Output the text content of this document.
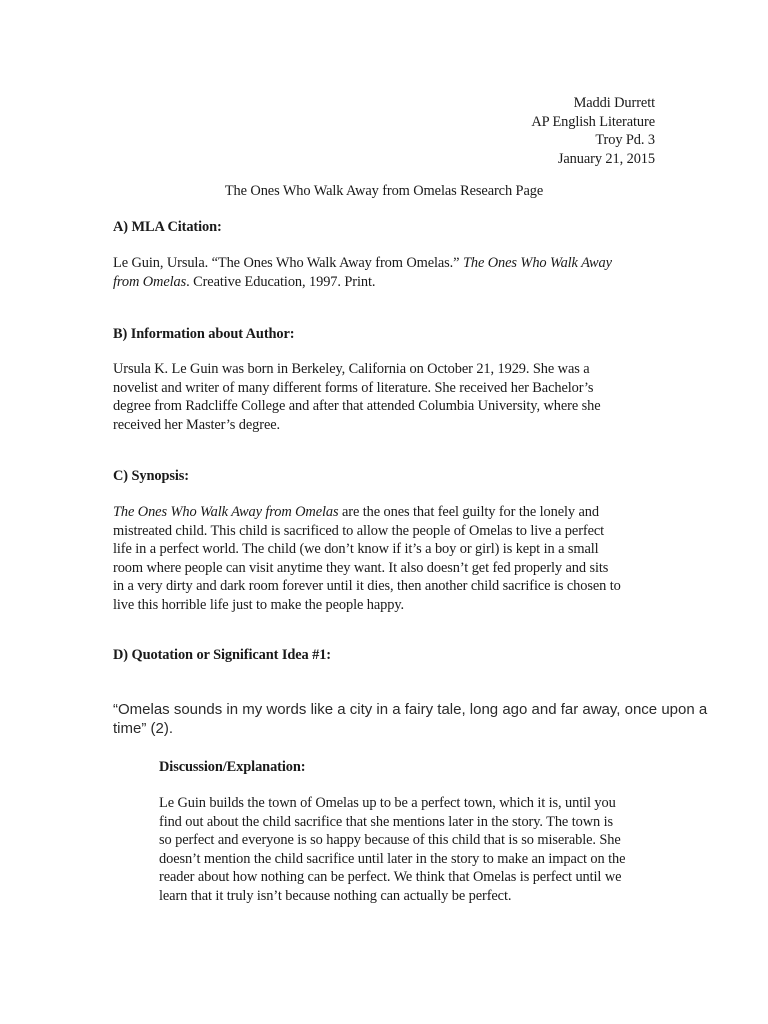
Maddi Durrett
AP English Literature
Troy Pd. 3
January 21, 2015
The Ones Who Walk Away from Omelas Research Page
A) MLA Citation:
Le Guin, Ursula. “The Ones Who Walk Away from Omelas.” The Ones Who Walk Away
from Omelas. Creative Education, 1997. Print.
B) Information about Author:
Ursula K. Le Guin was born in Berkeley, California on October 21, 1929. She was a
novelist and writer of many different forms of literature. She received her Bachelor’s
degree from Radcliffe College and after that attended Columbia University, where she
received her Master’s degree.
C) Synopsis:
The Ones Who Walk Away from Omelas are the ones that feel guilty for the lonely and
mistreated child. This child is sacrificed to allow the people of Omelas to live a perfect
life in a perfect world. The child (we don’t know if it’s a boy or girl) is kept in a small
room where people can visit anytime they want. It also doesn’t get fed properly and sits
in a very dirty and dark room forever until it dies, then another child sacrifice is chosen to
live this horrible life just to make the people happy.
D) Quotation or Significant Idea #1:
“Omelas sounds in my words like a city in a fairy tale, long ago and far away, once upon a
time” (2).
Discussion/Explanation:
Le Guin builds the town of Omelas up to be a perfect town, which it is, until you
find out about the child sacrifice that she mentions later in the story. The town is
so perfect and everyone is so happy because of this child that is so miserable. She
doesn’t mention the child sacrifice until later in the story to make an impact on the
reader about how nothing can be perfect. We think that Omelas is perfect until we
learn that it truly isn’t because nothing can actually be perfect.
